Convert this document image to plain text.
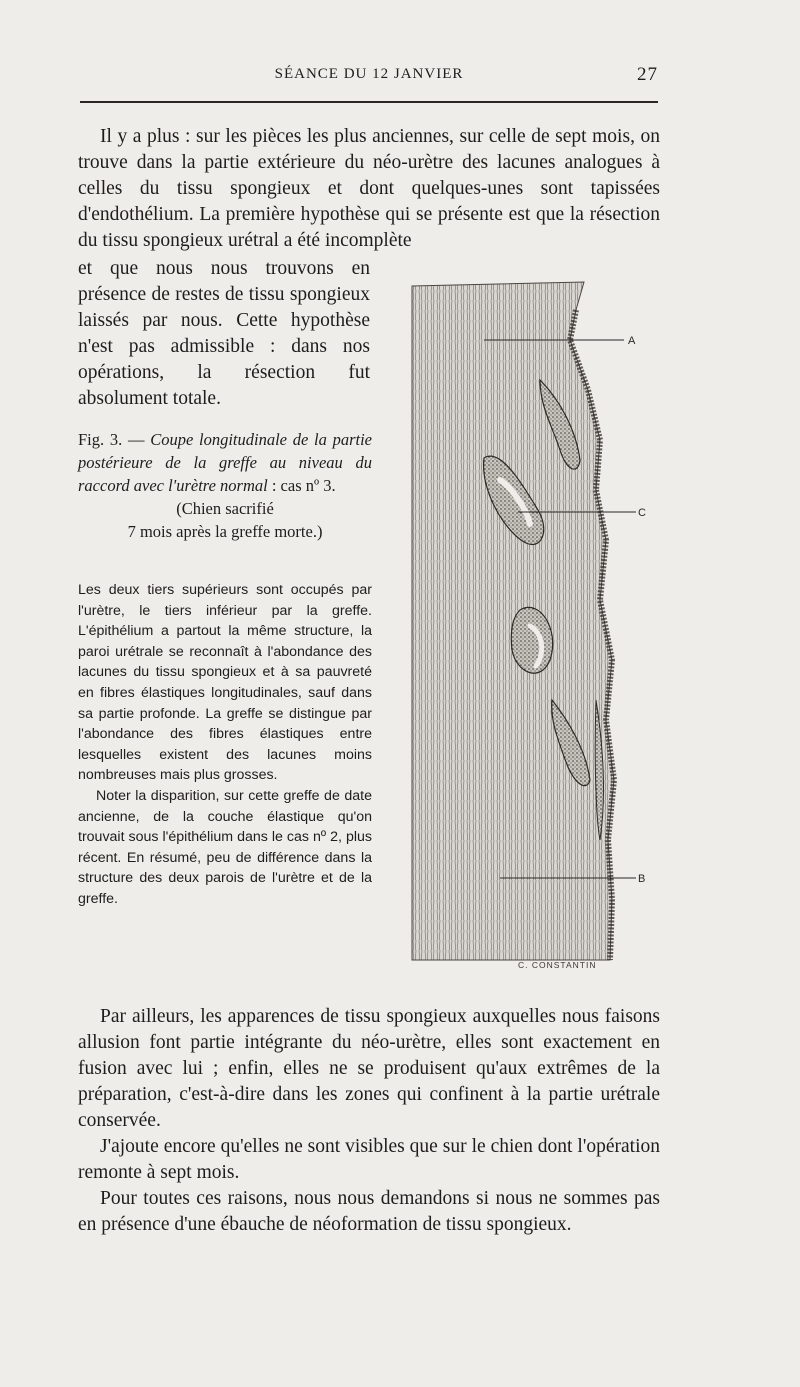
SÉANCE DU 12 JANVIER	27

Il y a plus : sur les pièces les plus anciennes, sur celle de sept mois, on trouve dans la partie extérieure du néo-urètre des lacunes analogues à celles du tissu spongieux et dont quelques-unes sont tapissées d'endothélium. La première hypothèse qui se présente est que la résection du tissu spongieux urétral a été incomplète

et que nous nous trouvons en présence de restes de tissu spongieux laissés par nous. Cette hypothèse n'est pas admissible : dans nos opérations, la résection fut absolument totale.

Fig. 3. — Coupe longitudinale de la partie postérieure de la greffe au niveau du raccord avec l'urètre normal : cas nº 3.

(Chien sacrifié

7 mois après la greffe morte.)

Les deux tiers supérieurs sont occupés par l'urètre, le tiers inférieur par la greffe. L'épithélium a partout la même structure, la paroi urétrale se reconnaît à l'abondance des lacunes du tissu spongieux et à sa pauvreté en fibres élastiques longitudinales, sauf dans sa partie profonde. La greffe se distingue par l'abondance des fibres élastiques entre lesquelles existent des lacunes moins nombreuses mais plus grosses.

Noter la disparition, sur cette greffe de date ancienne, de la couche élastique qu'on trouvait sous l'épithélium dans le cas nº 2, plus récent. En résumé, peu de différence dans la structure des deux parois de l'urètre et de la greffe.

A
C
B
C. CONSTANTIN

Par ailleurs, les apparences de tissu spongieux auxquelles nous faisons allusion font partie intégrante du néo-urètre, elles sont exactement en fusion avec lui ; enfin, elles ne se produisent qu'aux extrêmes de la préparation, c'est-à-dire dans les zones qui confinent à la partie urétrale conservée.

J'ajoute encore qu'elles ne sont visibles que sur le chien dont l'opération remonte à sept mois.

Pour toutes ces raisons, nous nous demandons si nous ne sommes pas en présence d'une ébauche de néoformation de tissu spongieux.
